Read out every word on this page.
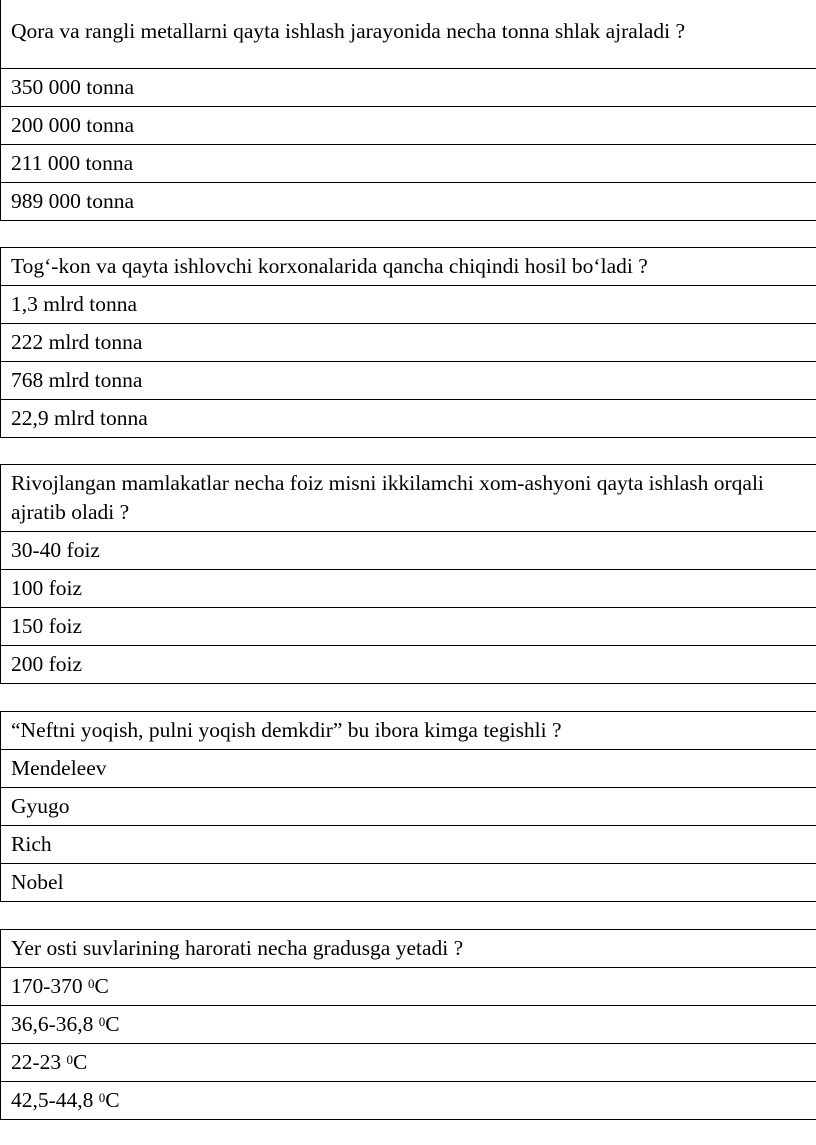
Qora va rangli metallarni qayta ishlash jarayonida necha tonna shlak ajraladi ?
350 000 tonna
200 000 tonna
211 000 tonna
989 000 tonna
Tog‘-kon va qayta ishlovchi korxonalarida qancha chiqindi hosil bo‘ladi ?
1,3 mlrd tonna
222 mlrd tonna
768 mlrd tonna
22,9 mlrd tonna
Rivojlangan mamlakatlar necha foiz misni ikkilamchi xom-ashyoni qayta ishlash orqali
ajratib oladi ?

30-40 foiz
100 foiz
150 foiz
200 foiz
“Neftni yoqish, pulni yoqish demkdir” bu ibora kimga tegishli ?
Mendeleev
Gyugo
Rich
Nobel
Yer osti suvlarining harorati necha gradusga yetadi ?
170-370 $^0$C
36,6-36,8 $^0$C
22-23 $^0$C
42,5-44,8 $^0$C
